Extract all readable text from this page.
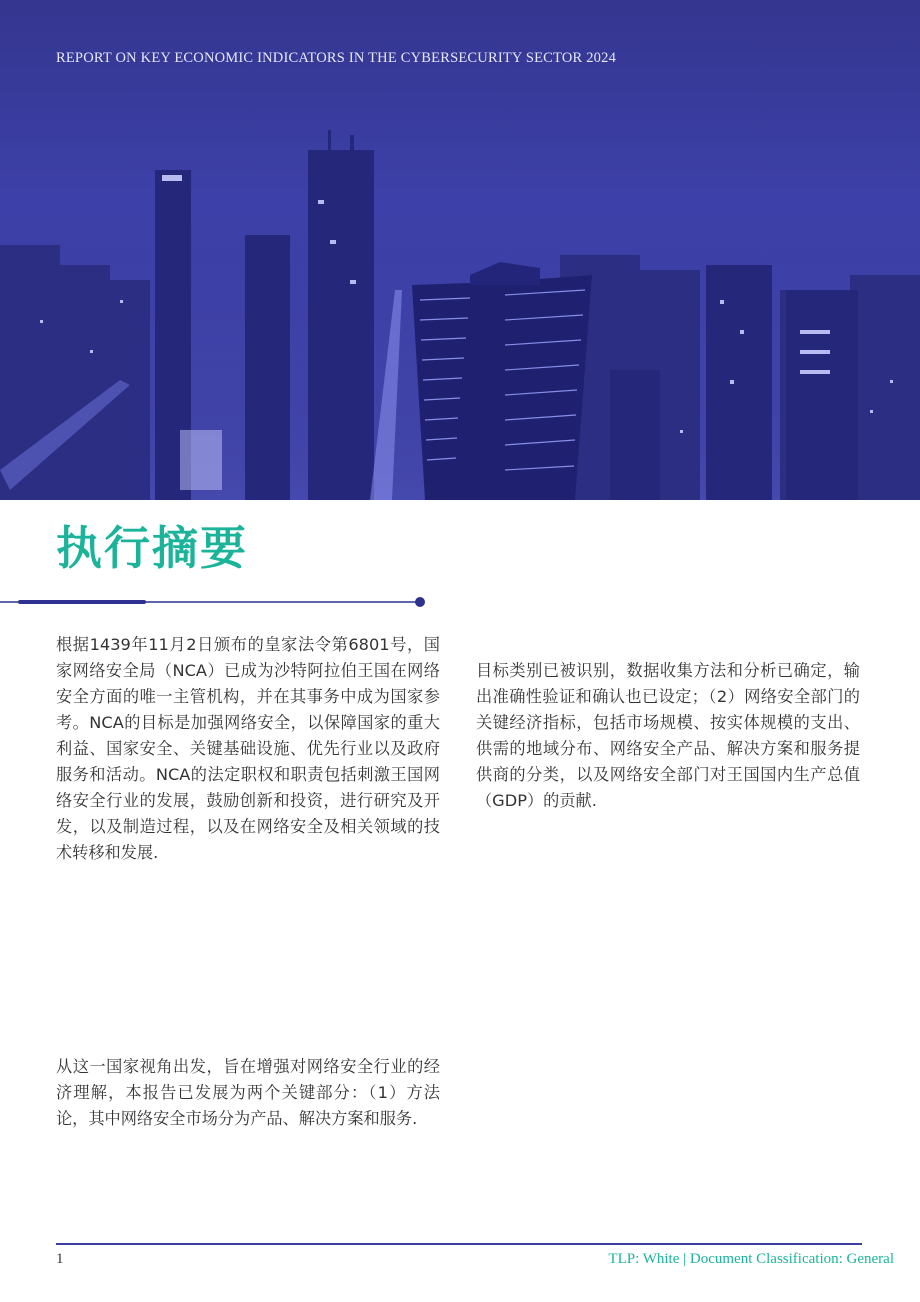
REPORT ON KEY ECONOMIC INDICATORS IN THE CYBERSECURITY SECTOR 2024
执行摘要

根据1439年11月2日颁布的皇家法令第6801号，国家网络安全局（NCA）已成为沙特阿拉伯王国在网络安全方面的唯一主管机构，并在其事务中成为国家参考。NCA的目标是加强网络安全，以保障国家的重大利益、国家安全、关键基础设施、优先行业以及政府服务和活动。NCA的法定职权和职责包括刺激王国网络安全行业的发展，鼓励创新和投资，进行研究及开发，以及制造过程，以及在网络安全及相关领域的技术转移和发展.

从这一国家视角出发，旨在增强对网络安全行业的经济理解，本报告已发展为两个关键部分：（1）方法论，其中网络安全市场分为产品、解决方案和服务.

目标类别已被识别，数据收集方法和分析已确定，输出准确性验证和确认也已设定；（2）网络安全部门的关键经济指标，包括市场规模、按实体规模的支出、供需的地域分布、网络安全产品、解决方案和服务提供商的分类，以及网络安全部门对王国国内生产总值（GDP）的贡献.

1	TLP: White | Document Classification: General
